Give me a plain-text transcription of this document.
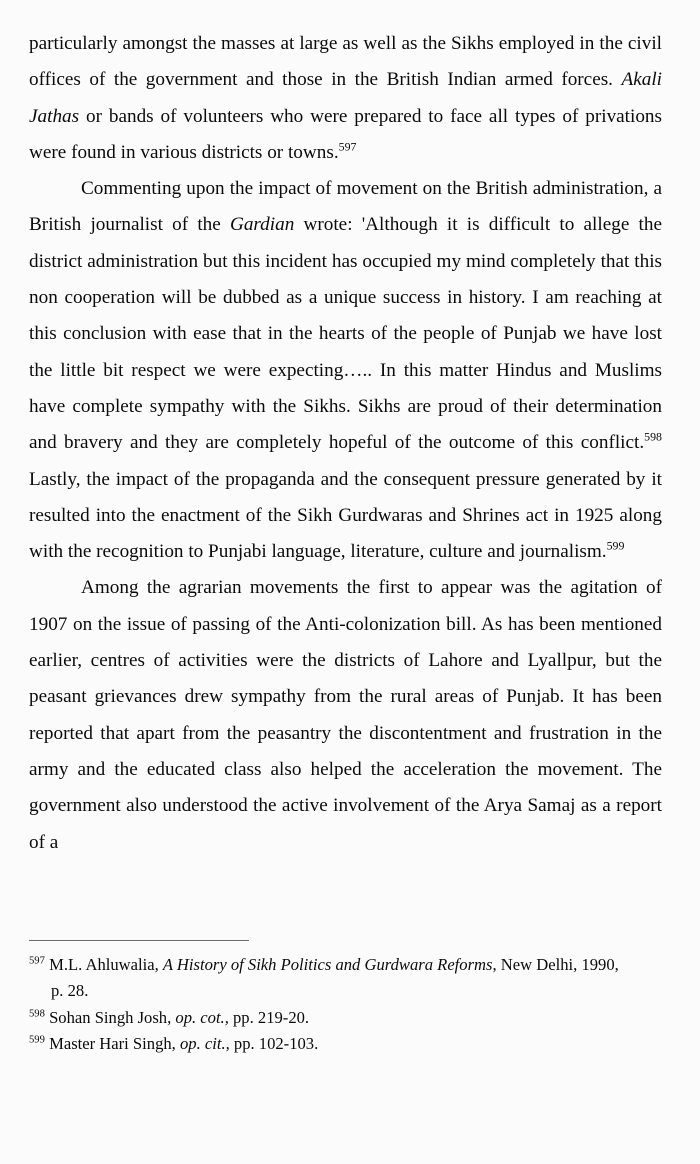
particularly amongst the masses at large as well as the Sikhs employed in the civil offices of the government and those in the British Indian armed forces. Akali Jathas or bands of volunteers who were prepared to face all types of privations were found in various districts or towns.$^{597}$

Commenting upon the impact of movement on the British administration, a British journalist of the Gardian wrote: 'Although it is difficult to allege the district administration but this incident has occupied my mind completely that this non cooperation will be dubbed as a unique success in history. I am reaching at this conclusion with ease that in the hearts of the people of Punjab we have lost the little bit respect we were expecting….. In this matter Hindus and Muslims have complete sympathy with the Sikhs. Sikhs are proud of their determination and bravery and they are completely hopeful of the outcome of this conflict.$^{598}$ Lastly, the impact of the propaganda and the consequent pressure generated by it resulted into the enactment of the Sikh Gurdwaras and Shrines act in 1925 along with the recognition to Punjabi language, literature, culture and journalism.$^{599}$

Among the agrarian movements the first to appear was the agitation of 1907 on the issue of passing of the Anti-colonization bill. As has been mentioned earlier, centres of activities were the districts of Lahore and Lyallpur, but the peasant grievances drew sympathy from the rural areas of Punjab. It has been reported that apart from the peasantry the discontentment and frustration in the army and the educated class also helped the acceleration the movement. The government also understood the active involvement of the Arya Samaj as a report of a

$^{597}$ M.L. Ahluwalia, A History of Sikh Politics and Gurdwara Reforms, New Delhi, 1990,
p. 28.

$^{598}$ Sohan Singh Josh, op. cot., pp. 219-20.

$^{599}$ Master Hari Singh, op. cit., pp. 102-103.
